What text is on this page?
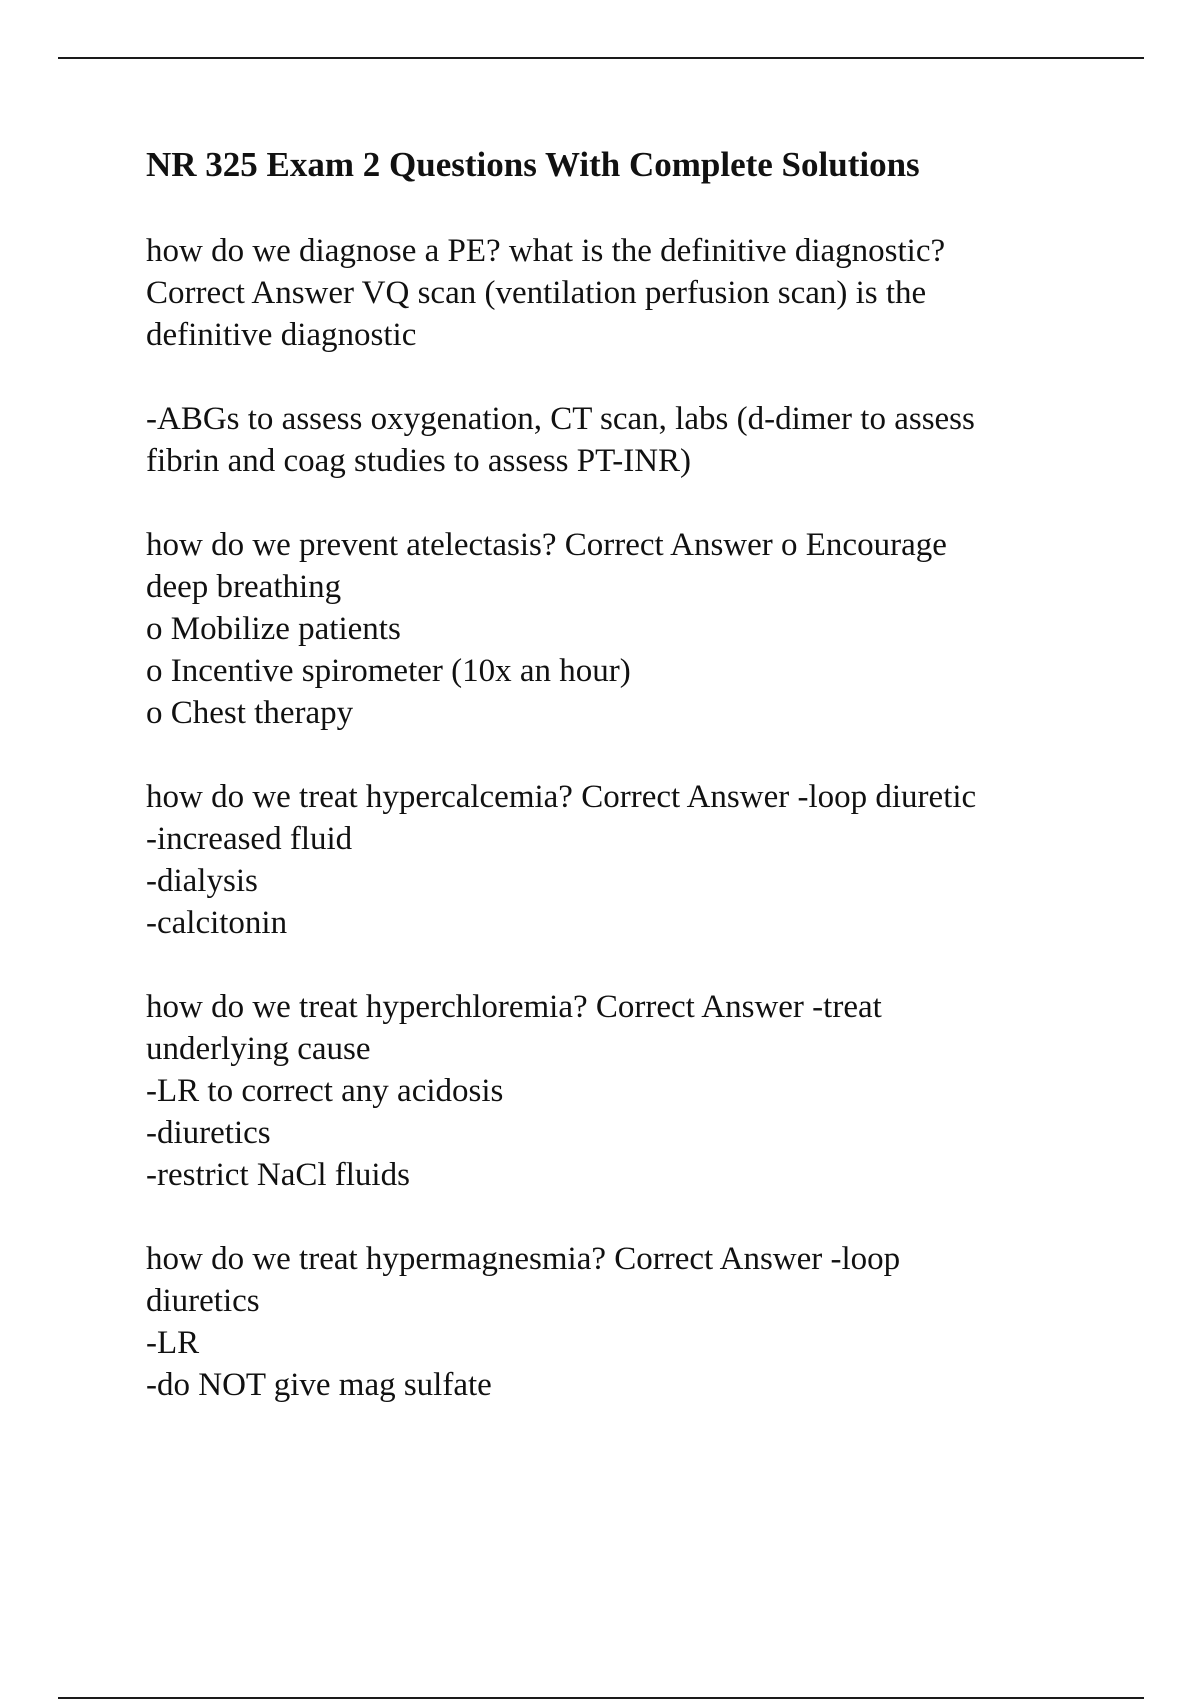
NR 325 Exam 2 Questions With Complete Solutions

how do we diagnose a PE? what is the definitive diagnostic?
Correct Answer VQ scan (ventilation perfusion scan) is the
definitive diagnostic

-ABGs to assess oxygenation, CT scan, labs (d-dimer to assess
fibrin and coag studies to assess PT-INR)

how do we prevent atelectasis? Correct Answer o Encourage
deep breathing
o Mobilize patients
o Incentive spirometer (10x an hour)
o Chest therapy

how do we treat hypercalcemia? Correct Answer -loop diuretic
-increased fluid
-dialysis
-calcitonin

how do we treat hyperchloremia? Correct Answer -treat
underlying cause
-LR to correct any acidosis
-diuretics
-restrict NaCl fluids

how do we treat hypermagnesmia? Correct Answer -loop
diuretics
-LR
-do NOT give mag sulfate
